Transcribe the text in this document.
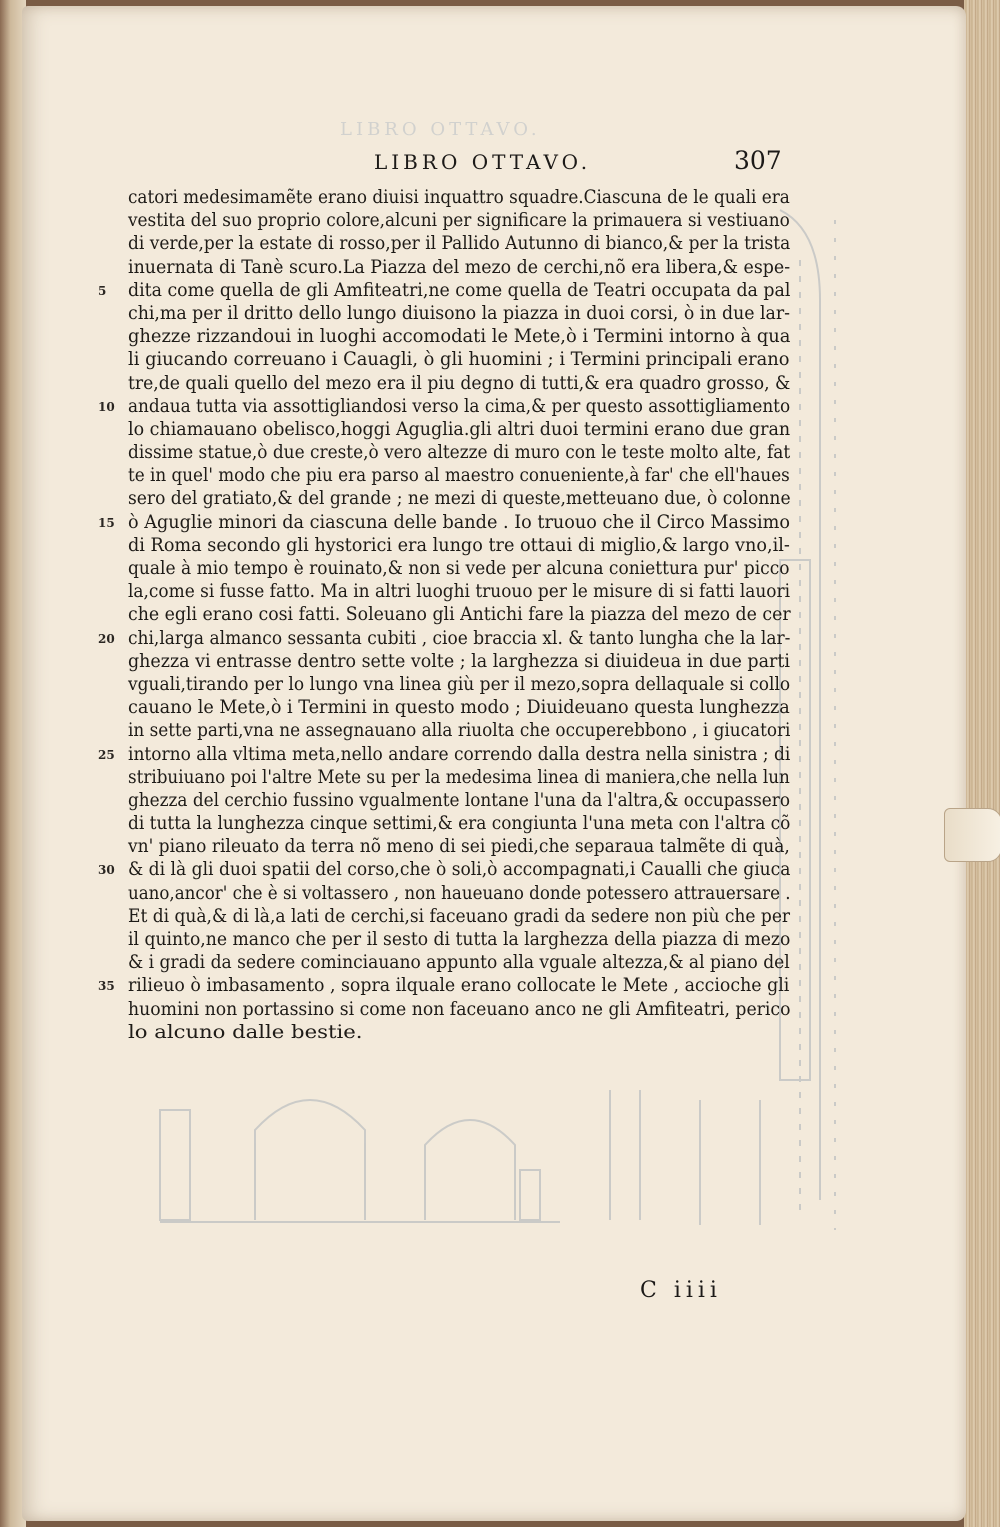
LIBRO OTTAVO.
LIBRO OTTAVO.	307
catori medesimamẽte erano diuisi inquattro squadre.Ciascuna de le quali era
vestita del suo proprio colore,alcuni per significare la primauera si vestiuano
di verde,per la estate di rosso,per il Pallido Autunno di bianco,& per la trista
inuernata di Tanè scuro.La Piazza del mezo de cerchi,nõ era libera,& espe-
5 dita come quella de gli Amfiteatri,ne come quella de Teatri occupata da pal
chi,ma per il dritto dello lungo diuisono la piazza in duoi corsi, ò in due lar-
ghezze rizzandoui in luoghi accomodati le Mete,ò i Termini intorno à qua
li giucando correuano i Cauagli, ò gli huomini ; i Termini principali erano
tre,de quali quello del mezo era il piu degno di tutti,& era quadro grosso, &
10 andaua tutta via assottigliandosi verso la cima,& per questo assottigliamento
lo chiamauano obelisco,hoggi Aguglia.gli altri duoi termini erano due gran
dissime statue,ò due creste,ò vero altezze di muro con le teste molto alte, fat
te in quel' modo che piu era parso al maestro conueniente,à far' che ell'haues
sero del gratiato,& del grande ; ne mezi di queste,metteuano due, ò colonne
15 ò Aguglie minori da ciascuna delle bande . Io truouo che il Circo Massimo
di Roma secondo gli hystorici era lungo tre ottaui di miglio,& largo vno,il-
quale à mio tempo è rouinato,& non si vede per alcuna coniettura pur' picco
la,come si fusse fatto. Ma in altri luoghi truouo per le misure di si fatti lauori
che egli erano cosi fatti. Soleuano gli Antichi fare la piazza del mezo de cer
20 chi,larga almanco sessanta cubiti , cioe braccia xl. & tanto lungha che la lar-
ghezza vi entrasse dentro sette volte ; la larghezza si diuideua in due parti
vguali,tirando per lo lungo vna linea giù per il mezo,sopra dellaquale si collo
cauano le Mete,ò i Termini in questo modo ; Diuideuano questa lunghezza
in sette parti,vna ne assegnauano alla riuolta che occuperebbono , i giucatori
25 intorno alla vltima meta,nello andare correndo dalla destra nella sinistra ; di
stribuiuano poi l'altre Mete su per la medesima linea di maniera,che nella lun
ghezza del cerchio fussino vgualmente lontane l'una da l'altra,& occupassero
di tutta la lunghezza cinque settimi,& era congiunta l'una meta con l'altra cõ
vn' piano rileuato da terra nõ meno di sei piedi,che separaua talmẽte di quà,
30 & di là gli duoi spatii del corso,che ò soli,ò accompagnati,i Caualli che giuca
uano,ancor' che è si voltassero , non haueuano donde potessero attrauersare .
Et di quà,& di là,a lati de cerchi,si faceuano gradi da sedere non più che per
il quinto,ne manco che per il sesto di tutta la larghezza della piazza di mezo
& i gradi da sedere cominciauano appunto alla vguale altezza,& al piano del
35 rilieuo ò imbasamento , sopra ilquale erano collocate le Mete , accioche gli
huomini non portassino si come non faceuano anco ne gli Amfiteatri, perico
lo alcuno dalle bestie.
C iiii
